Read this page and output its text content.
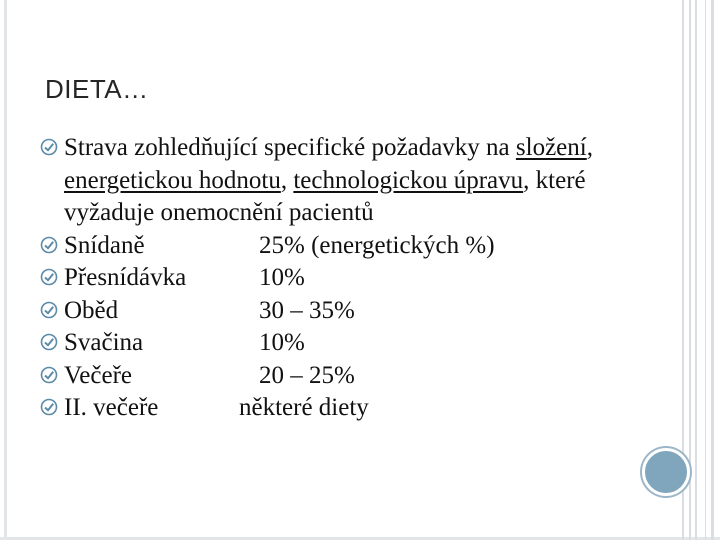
DIETA…
Strava zohledňující specifické požadavky na složení, energetickou hodnotu, technologickou úpravu, které vyžaduje onemocnění pacientů
Snídaně	25% (energetických %)
Přesnídávka	10%
Oběd	30 – 35%
Svačina	10%
Večeře	20 – 25%
II. večeře	některé diety
